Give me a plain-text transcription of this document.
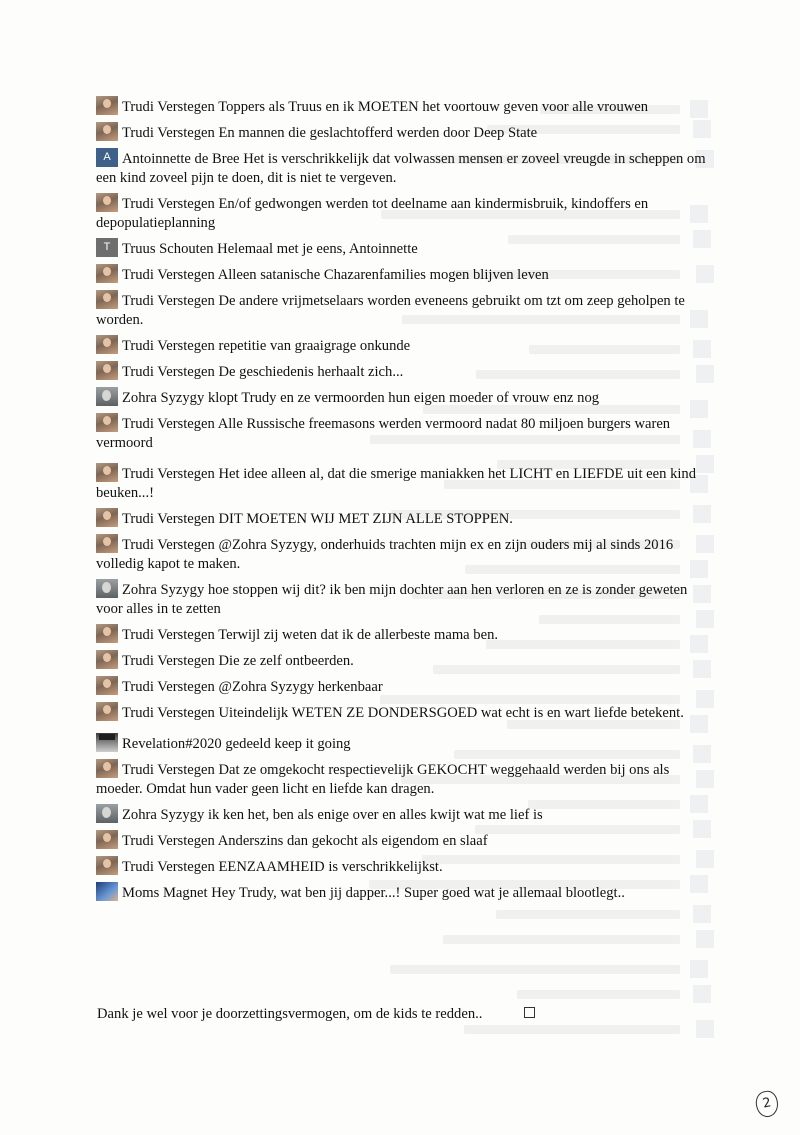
Trudi Verstegen Toppers als Truus en ik MOETEN het voortouw geven voor alle vrouwen
Trudi Verstegen En mannen die geslachtofferd werden door Deep State
A Antoinnette de Bree Het is verschrikkelijk dat volwassen mensen er zoveel vreugde in scheppen om een kind zoveel pijn te doen, dit is niet te vergeven.
Trudi Verstegen En/of gedwongen werden tot deelname aan kindermisbruik, kindoffers en depopulatieplanning
T Truus Schouten Helemaal met je eens, Antoinnette
Trudi Verstegen Alleen satanische Chazarenfamilies mogen blijven leven
Trudi Verstegen De andere vrijmetselaars worden eveneens gebruikt om tzt om zeep geholpen te worden.
Trudi Verstegen repetitie van graaigrage onkunde
Trudi Verstegen De geschiedenis herhaalt zich...
Zohra Syzygy klopt Trudy en ze vermoorden hun eigen moeder of vrouw enz nog
Trudi Verstegen Alle Russische freemasons werden vermoord nadat 80 miljoen burgers waren vermoord
Trudi Verstegen Het idee alleen al, dat die smerige maniakken het LICHT en LIEFDE uit een kind beuken...!
Trudi Verstegen DIT MOETEN WIJ MET ZIJN ALLE STOPPEN.
Trudi Verstegen @Zohra Syzygy, onderhuids trachten mijn ex en zijn ouders mij al sinds 2016 volledig kapot te maken.
Zohra Syzygy hoe stoppen wij dit? ik ben mijn dochter aan hen verloren en ze is zonder geweten voor alles in te zetten
Trudi Verstegen Terwijl zij weten dat ik de allerbeste mama ben.
Trudi Verstegen Die ze zelf ontbeerden.
Trudi Verstegen @Zohra Syzygy herkenbaar
Trudi Verstegen Uiteindelijk WETEN ZE DONDERSGOED wat echt is en wart liefde betekent.
Revelation#2020 gedeeld keep it going
Trudi Verstegen Dat ze omgekocht respectievelijk GEKOCHT weggehaald werden bij ons als moeder. Omdat hun vader geen licht en liefde kan dragen.
Zohra Syzygy ik ken het, ben als enige over en alles kwijt wat me lief is
Trudi Verstegen Anderszins dan gekocht als eigendom en slaaf
Trudi Verstegen EENZAAMHEID is verschrikkelijkst.
Moms Magnet Hey Trudy, wat ben jij dapper...! Super goed wat je allemaal blootlegt..
Dank je wel voor je doorzettingsvermogen, om de kids te redden..
2
